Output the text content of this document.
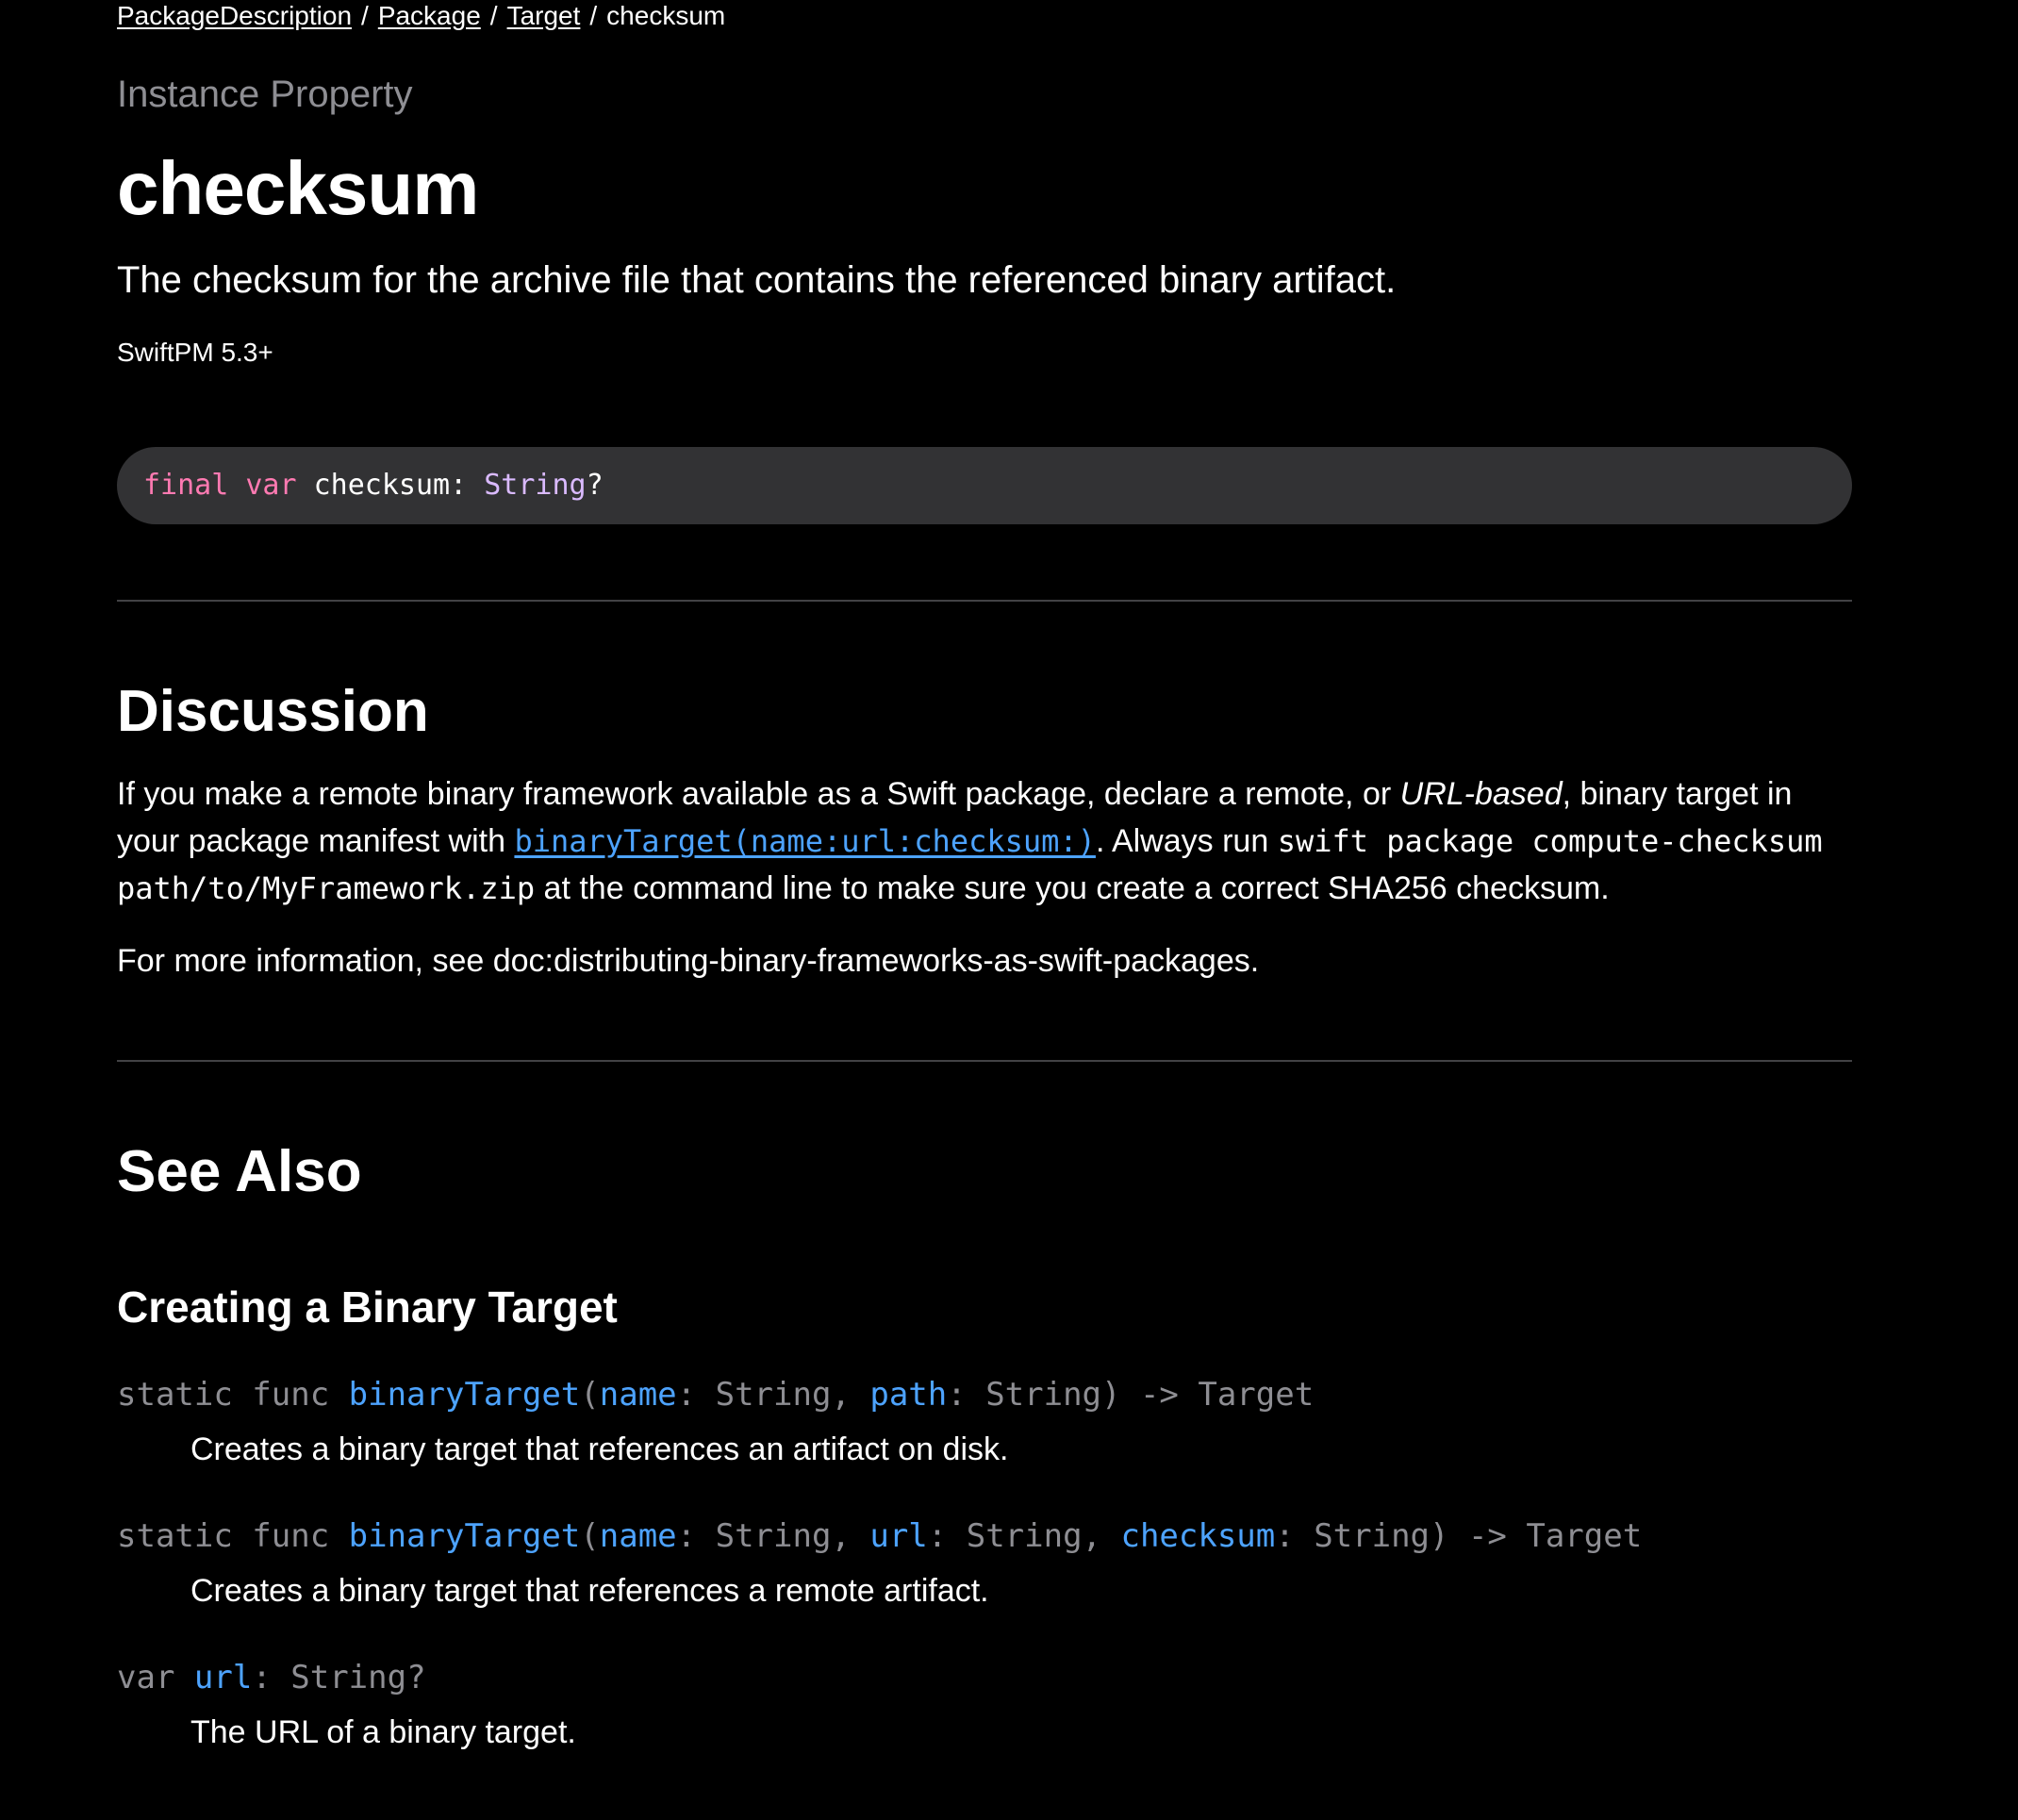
PackageDescription / Package / Target / checksum
Instance Property
checksum

The checksum for the archive file that contains the referenced binary artifact.

SwiftPM 5.3+
final var checksum: String?
Discussion

If you make a remote binary framework available as a Swift package, declare a remote, or URL-based, binary target in your package manifest with binaryTarget(name:url:checksum:). Always run swift package compute-checksum path/to/MyFramework.zip at the command line to make sure you create a correct SHA256 checksum.

For more information, see doc:distributing-binary-frameworks-as-swift-packages.

See Also
Creating a Binary Target
static func binaryTarget(name: String, path: String) -> Target
Creates a binary target that references an artifact on disk.
static func binaryTarget(name: String, url: String, checksum: String) -> Target
Creates a binary target that references a remote artifact.
var url: String?
The URL of a binary target.
